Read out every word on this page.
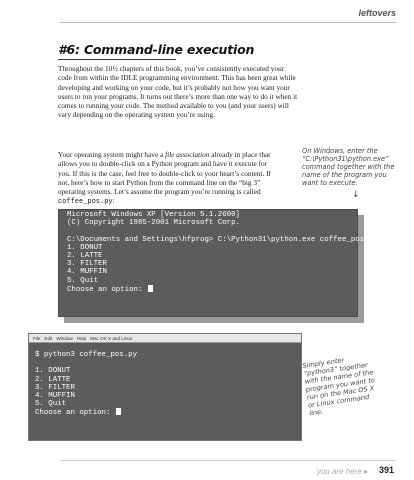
leftovers
#6: Command-line execution

Throughout the 10½ chapters of this book, you’ve consistently executed your code from within the IDLE programming environment. This has been great while developing and working on your code, but it’s probably not how you want your users to run your programs. It turns out there’s more than one way to do it when it comes to running your code. The method available to you (and your users) will vary depending on the operating system you’re using.

Your operating system might have a file association already in place that allows you to double-click on a Python program and have it execute for you. If this is the case, feel free to double-click to your heart’s content. If not, here’s how to start Python from the command line on the “big 3” operating systems. Let’s assume the program you’re running is called coffee_pos.py:

On Windows, enter the “C:\Python31\python.exe” command together with the name of the program you want to execute.
↓
Microsoft Windows XP [Version 5.1.2600]
(C) Copyright 1985-2001 Microsoft Corp.
C:\Documents and Settings\hfprog> C:\Python31\python.exe coffee_pos.py
1. DONUT
2. LATTE
3. FILTER
4. MUFFIN
5. Quit
Choose an option:
File Edit Window Help Mac OS X and Linux
$ python3 coffee_pos.py
1. DONUT
2. LATTE
3. FILTER
4. MUFFIN
5. Quit
Choose an option:
Simply enter “python3” together with the name of the program you want to run on the Mac OS X or Linux command line.
you are here ▸ 391
